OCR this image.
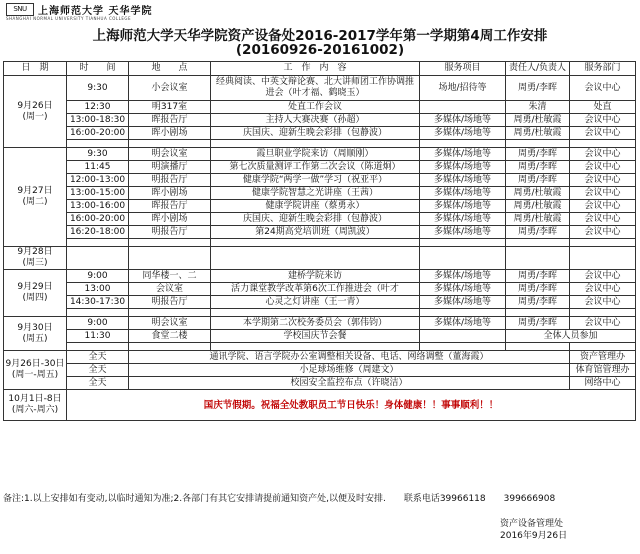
SNU	上海师范大学 天华学院
SHANGHAI NORMAL UNIVERSITY TIANHUA COLLEGE
上海师范大学天华学院资产设备处2016-2017学年第一学期第4周工作安排
(20160926-20161002)
日　期	时　　间	地　　点	工　作　内　容	服务项目	责任人/负责人	服务部门

9月26日
(周一)	9:30	小会议室	经典阅读、中英文辩论赛、北大讲师团工作协调推进会（叶才福、鹤晓玉）	场地/招待等	周勇/李晖	会议中心
	12:30	明317室	处直工作会议		朱清	处直
	13:00-18:30	晖报告厅	主持人大赛决赛（孙超）	多媒体/场地等	周勇/杜敏霞	会议中心
	16:00-20:00	晖小剧场	庆国庆、迎新生晚会彩排（包静波）	多媒体/场地等	周勇/杜敏霞	会议中心

9月27日
(周二)	9:30	明会议室	霞旦职业学院来访（周顺刚）	多媒体/场地等	周勇/李晖	会议中心
	11:45	明演播厅	第七次质量测评工作第二次会议（陈道炯）	多媒体/场地等	周勇/李晖	会议中心
	12:00-13:00	明报告厅	健康学院“两学一做”学习（祝亚平）	多媒体/场地等	周勇/李晖	会议中心
	13:00-15:00	晖小剧场	健康学院智慧之光讲座（王茜）	多媒体/场地等	周勇/杜敏霞	会议中心
	13:00-16:00	晖报告厅	健康学院讲座（蔡勇永）	多媒体/场地等	周勇/杜敏霞	会议中心
	16:00-20:00	晖小剧场	庆国庆、迎新生晚会彩排（包静波）	多媒体/场地等	周勇/杜敏霞	会议中心
	16:20-18:00	明报告厅	第24期高党培训班（周凯波）	多媒体/场地等	周勇/李晖	会议中心

9月28日
(周三)						

9月29日
(周四)	9:00	同华楼一、二	建桥学院来访	多媒体/场地等	周勇/李晖	会议中心
	13:00	会议室	活力课堂教学改革第6次工作推进会（叶才	多媒体/场地等	周勇/李晖	会议中心
	14:30-17:30	明报告厅	心灵之灯讲座（王一青）	多媒体/场地等	周勇/李晖	会议中心

9月30日
(周五)	9:00	明会议室	本学期第二次校务委员会（郭伟钧）	多媒体/场地等	周勇/李晖	会议中心
	11:30	食堂二楼	学校国庆节会餐		全体人员参加	

9月26日-30日
(周一-周五)	全天	通讯学院、语言学院办公室调整相关设备、电话、网络调整（董海霞）				资产管理办
	全天	小足球场维修（周建文）				体育馆管理办
	全天	校园安全监控布点（许晓洁）				网络中心

10月1日-8日
(周六-周六)	国庆节假期。祝福全处教职员工节日快乐！身体健康！！事事顺利！！					
备注:1.以上安排如有变动,以临时通知为准;2.各部门有其它安排请提前通知资产处,以便及时安排.　　联系电话39966118　　399666908
资产设备管理处
2016年9月26日
